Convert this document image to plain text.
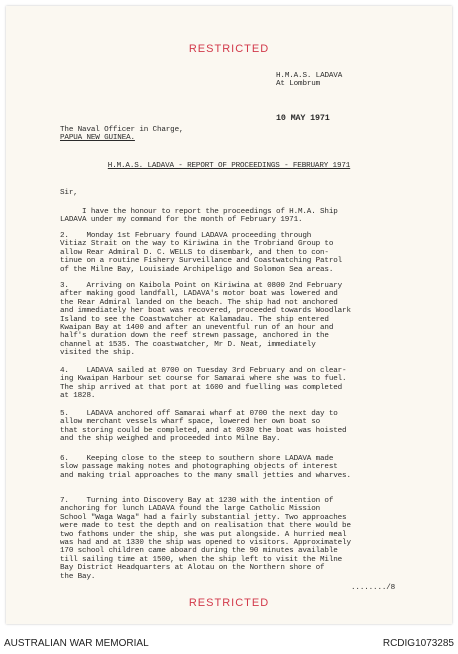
RESTRICTED
H.M.A.S. LADAVA
At Lombrum
10 MAY 1971
The Naval Officer in Charge,
PAPUA NEW GUINEA.
H.M.A.S. LADAVA - REPORT OF PROCEEDINGS - FEBRUARY 1971
Sir,
I have the honour to report the proceedings of H.M.A. Ship
LADAVA under my command for the month of February 1971.
2.    Monday 1st February found LADAVA proceeding through
Vitiaz Strait on the way to Kiriwina in the Trobriand Group to
allow Rear Admiral D. C. WELLS to disembark, and then to con-
tinue on a routine Fishery Surveillance and Coastwatching Patrol
of the Milne Bay, Louisiade Archipeligo and Solomon Sea areas.
3.    Arriving on Kaibola Point on Kiriwina at 0800 2nd February
after making good landfall, LADAVA's motor boat was lowered and
the Rear Admiral landed on the beach. The ship had not anchored
and immediately her boat was recovered, proceeded towards Woodlark
Island to see the Coastwatcher at Kalamadau. The ship entered
Kwaipan Bay at 1400 and after an uneventful run of an hour and
half's duration down the reef strewn passage, anchored in the
channel at 1535. The coastwatcher, Mr D. Neat, immediately
visited the ship.
4.    LADAVA sailed at 0700 on Tuesday 3rd February and on clear-
ing Kwaipan Harbour set course for Samarai where she was to fuel.
The ship arrived at that port at 1600 and fuelling was completed
at 1828.
5.    LADAVA anchored off Samarai wharf at 0700 the next day to
allow merchant vessels wharf space, lowered her own boat so
that storing could be completed, and at 0930 the boat was hoisted
and the ship weighed and proceeded into Milne Bay.
6.    Keeping close to the steep to southern shore LADAVA made
slow passage making notes and photographing objects of interest
and making trial approaches to the many small jetties and wharves.
7.    Turning into Discovery Bay at 1230 with the intention of
anchoring for lunch LADAVA found the large Catholic Mission
School "Waga Waga" had a fairly substantial jetty. Two approaches
were made to test the depth and on realisation that there would be
two fathoms under the ship, she was put alongside. A hurried meal
was had and at 1330 the ship was opened to visitors. Approximately
170 school children came aboard during the 90 minutes available
till sailing time at 1500, when the ship left to visit the Milne
Bay District Headquarters at Alotau on the Northern shore of
the Bay.
......../8
RESTRICTED
AUSTRALIAN WAR MEMORIAL	RCDIG1073285
